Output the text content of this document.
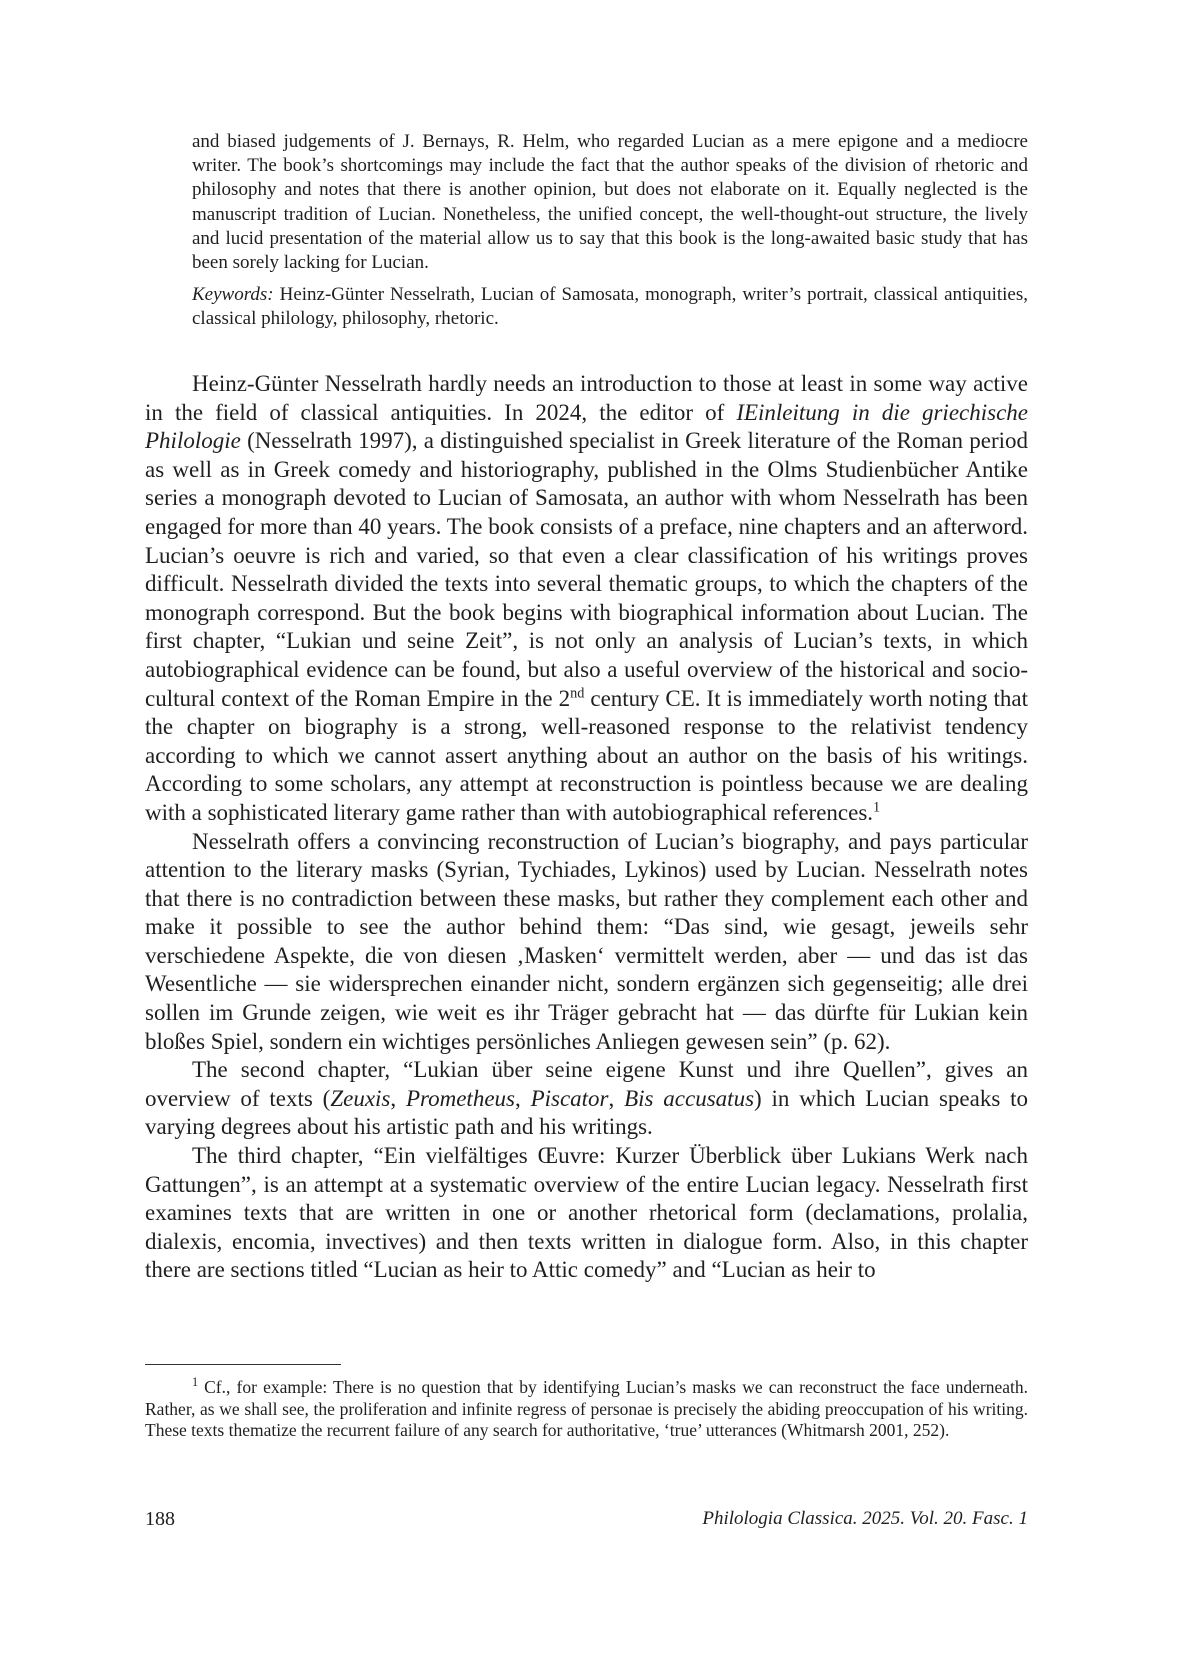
and biased judgements of J. Bernays, R. Helm, who regarded Lucian as a mere epigone and a mediocre writer. The book’s shortcomings may include the fact that the author speaks of the division of rhetoric and philosophy and notes that there is another opinion, but does not elaborate on it. Equally neglected is the manuscript tradition of Lucian. Nonetheless, the unified concept, the well-thought-out structure, the lively and lucid presentation of the material allow us to say that this book is the long-awaited basic study that has been sorely lacking for Lucian.

Keywords: Heinz-Günter Nesselrath, Lucian of Samosata, monograph, writer’s portrait, classical antiquities, classical philology, philosophy, rhetoric.

Heinz-Günter Nesselrath hardly needs an introduction to those at least in some way active in the field of classical antiquities. In 2024, the editor of IEinleitung in die griechische Philologie (Nesselrath 1997), a distinguished specialist in Greek literature of the Roman period as well as in Greek comedy and historiography, published in the Olms Studienbücher Antike series a monograph devoted to Lucian of Samosata, an author with whom Nesselrath has been engaged for more than 40 years. The book consists of a preface, nine chapters and an afterword. Lucian’s oeuvre is rich and varied, so that even a clear classification of his writings proves difficult. Nesselrath divided the texts into several thematic groups, to which the chapters of the monograph correspond. But the book begins with biographical information about Lucian. The first chapter, “Lukian und seine Zeit”, is not only an analysis of Lucian’s texts, in which autobiographical evidence can be found, but also a useful overview of the historical and socio-cultural context of the Roman Empire in the 2nd century CE. It is immediately worth noting that the chapter on biography is a strong, well-reasoned response to the relativist tendency according to which we cannot assert anything about an author on the basis of his writings. According to some scholars, any attempt at reconstruction is pointless because we are dealing with a sophisticated literary game rather than with autobiographical references.$^1$

Nesselrath offers a convincing reconstruction of Lucian’s biography, and pays particular attention to the literary masks (Syrian, Tychiades, Lykinos) used by Lucian. Nesselrath notes that there is no contradiction between these masks, but rather they complement each other and make it possible to see the author behind them: “Das sind, wie gesagt, jeweils sehr verschiedene Aspekte, die von diesen ‚Masken‘ vermittelt werden, aber — und das ist das Wesentliche — sie widersprechen einander nicht, sondern ergänzen sich gegenseitig; alle drei sollen im Grunde zeigen, wie weit es ihr Träger gebracht hat — das dürfte für Lukian kein bloßes Spiel, sondern ein wichtiges persönliches Anliegen gewesen sein” (p. 62).

The second chapter, “Lukian über seine eigene Kunst und ihre Quellen”, gives an overview of texts (Zeuxis, Prometheus, Piscator, Bis accusatus) in which Lucian speaks to varying degrees about his artistic path and his writings.

The third chapter, “Ein vielfältiges Œuvre: Kurzer Überblick über Lukians Werk nach Gattungen”, is an attempt at a systematic overview of the entire Lucian legacy. Nesselrath first examines texts that are written in one or another rhetorical form (declamations, prolalia, dialexis, encomia, invectives) and then texts written in dialogue form. Also, in this chapter there are sections titled “Lucian as heir to Attic comedy” and “Lucian as heir to

$^1$ Cf., for example: There is no question that by identifying Lucian’s masks we can reconstruct the face underneath. Rather, as we shall see, the proliferation and infinite regress of personae is precisely the abiding preoccupation of his writing. These texts thematize the recurrent failure of any search for authoritative, ‘true’ utterances (Whitmarsh 2001, 252).

188	Philologia Classica. 2025. Vol. 20. Fasc. 1
